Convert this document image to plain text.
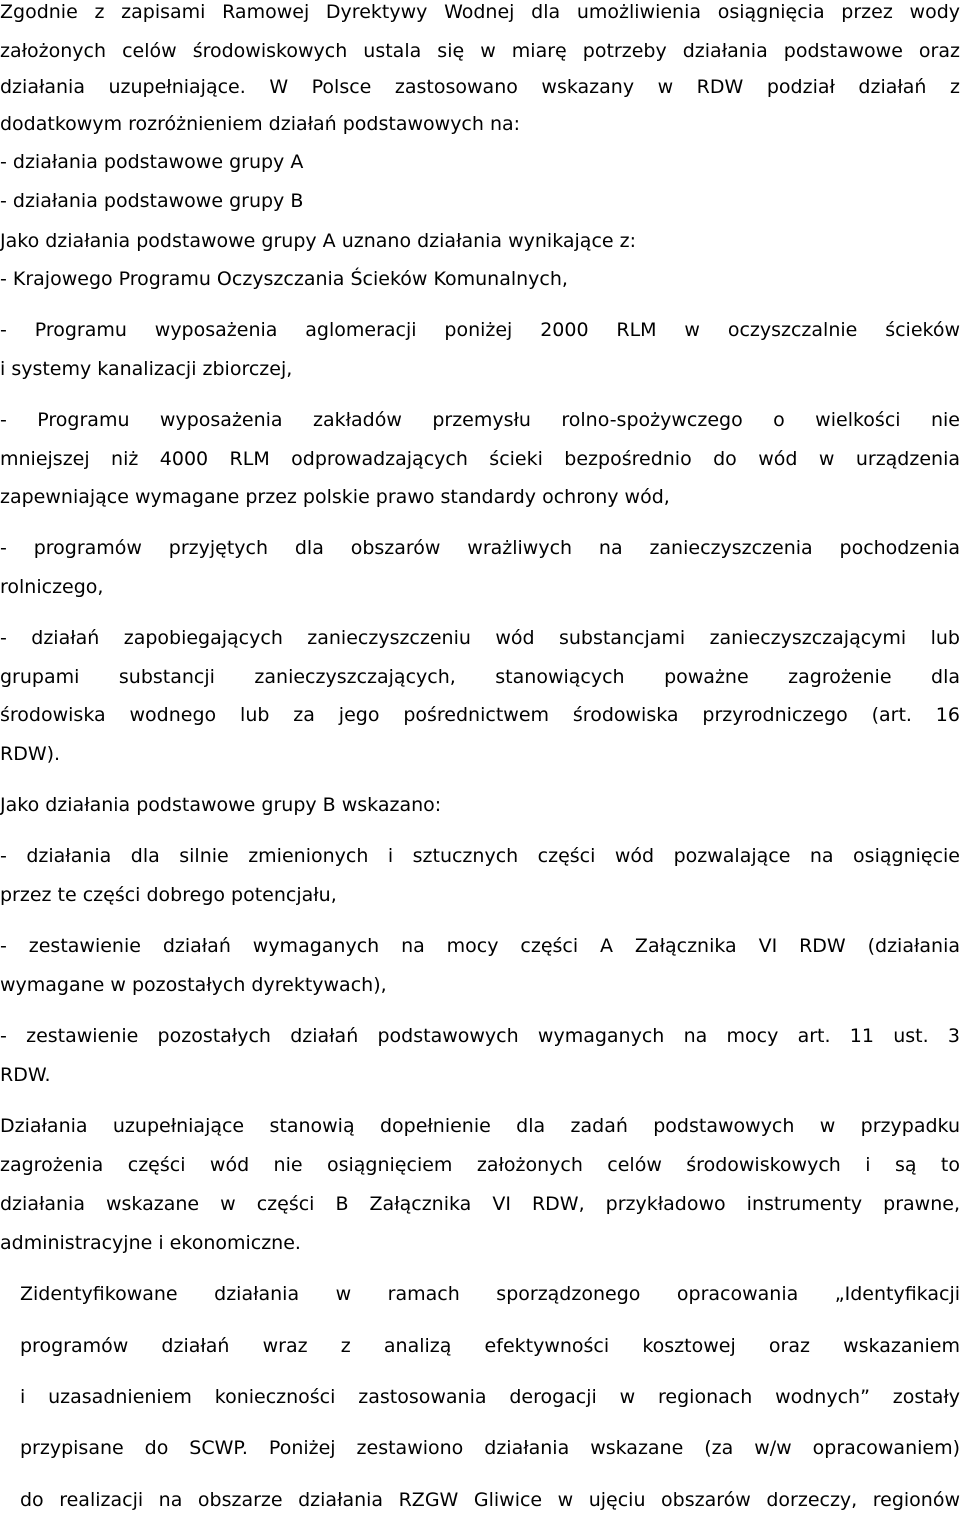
Zgodnie z zapisami Ramowej Dyrektywy Wodnej dla umożliwienia osiągnięcia przez wody

założonych celów środowiskowych ustala się w miarę potrzeby działania podstawowe oraz

działania uzupełniające. W Polsce zastosowano wskazany w RDW podział działań z

dodatkowym rozróżnieniem działań podstawowych na:

- działania podstawowe grupy A

- działania podstawowe grupy B

Jako działania podstawowe grupy A uznano działania wynikające z:

- Krajowego Programu Oczyszczania Ścieków Komunalnych,

- Programu wyposażenia aglomeracji poniżej 2000 RLM w oczyszczalnie ścieków

i systemy kanalizacji zbiorczej,

- Programu wyposażenia zakładów przemysłu rolno-spożywczego o wielkości nie

mniejszej niż 4000 RLM odprowadzających ścieki bezpośrednio do wód w urządzenia

zapewniające wymagane przez polskie prawo standardy ochrony wód,

- programów przyjętych dla obszarów wrażliwych na zanieczyszczenia pochodzenia

rolniczego,

- działań zapobiegających zanieczyszczeniu wód substancjami zanieczyszczającymi lub

grupami substancji zanieczyszczających, stanowiących poważne zagrożenie dla

środowiska wodnego lub za jego pośrednictwem środowiska przyrodniczego (art. 16

RDW).

Jako działania podstawowe grupy B wskazano:

- działania dla silnie zmienionych i sztucznych części wód pozwalające na osiągnięcie

przez te części dobrego potencjału,

- zestawienie działań wymaganych na mocy części A Załącznika VI RDW (działania

wymagane w pozostałych dyrektywach),

- zestawienie pozostałych działań podstawowych wymaganych na mocy art. 11 ust. 3

RDW.

Działania uzupełniające stanowią dopełnienie dla zadań podstawowych w przypadku

zagrożenia części wód nie osiągnięciem założonych celów środowiskowych i są to

działania wskazane w części B Załącznika VI RDW, przykładowo instrumenty prawne,

administracyjne i ekonomiczne.

Zidentyfikowane działania w ramach sporządzonego opracowania „Identyfikacji

programów działań wraz z analizą efektywności kosztowej oraz wskazaniem

i uzasadnieniem konieczności zastosowania derogacji w regionach wodnych” zostały

przypisane do SCWP. Poniżej zestawiono działania wskazane (za w/w opracowaniem)

do realizacji na obszarze działania RZGW Gliwice w ujęciu obszarów dorzeczy, regionów
